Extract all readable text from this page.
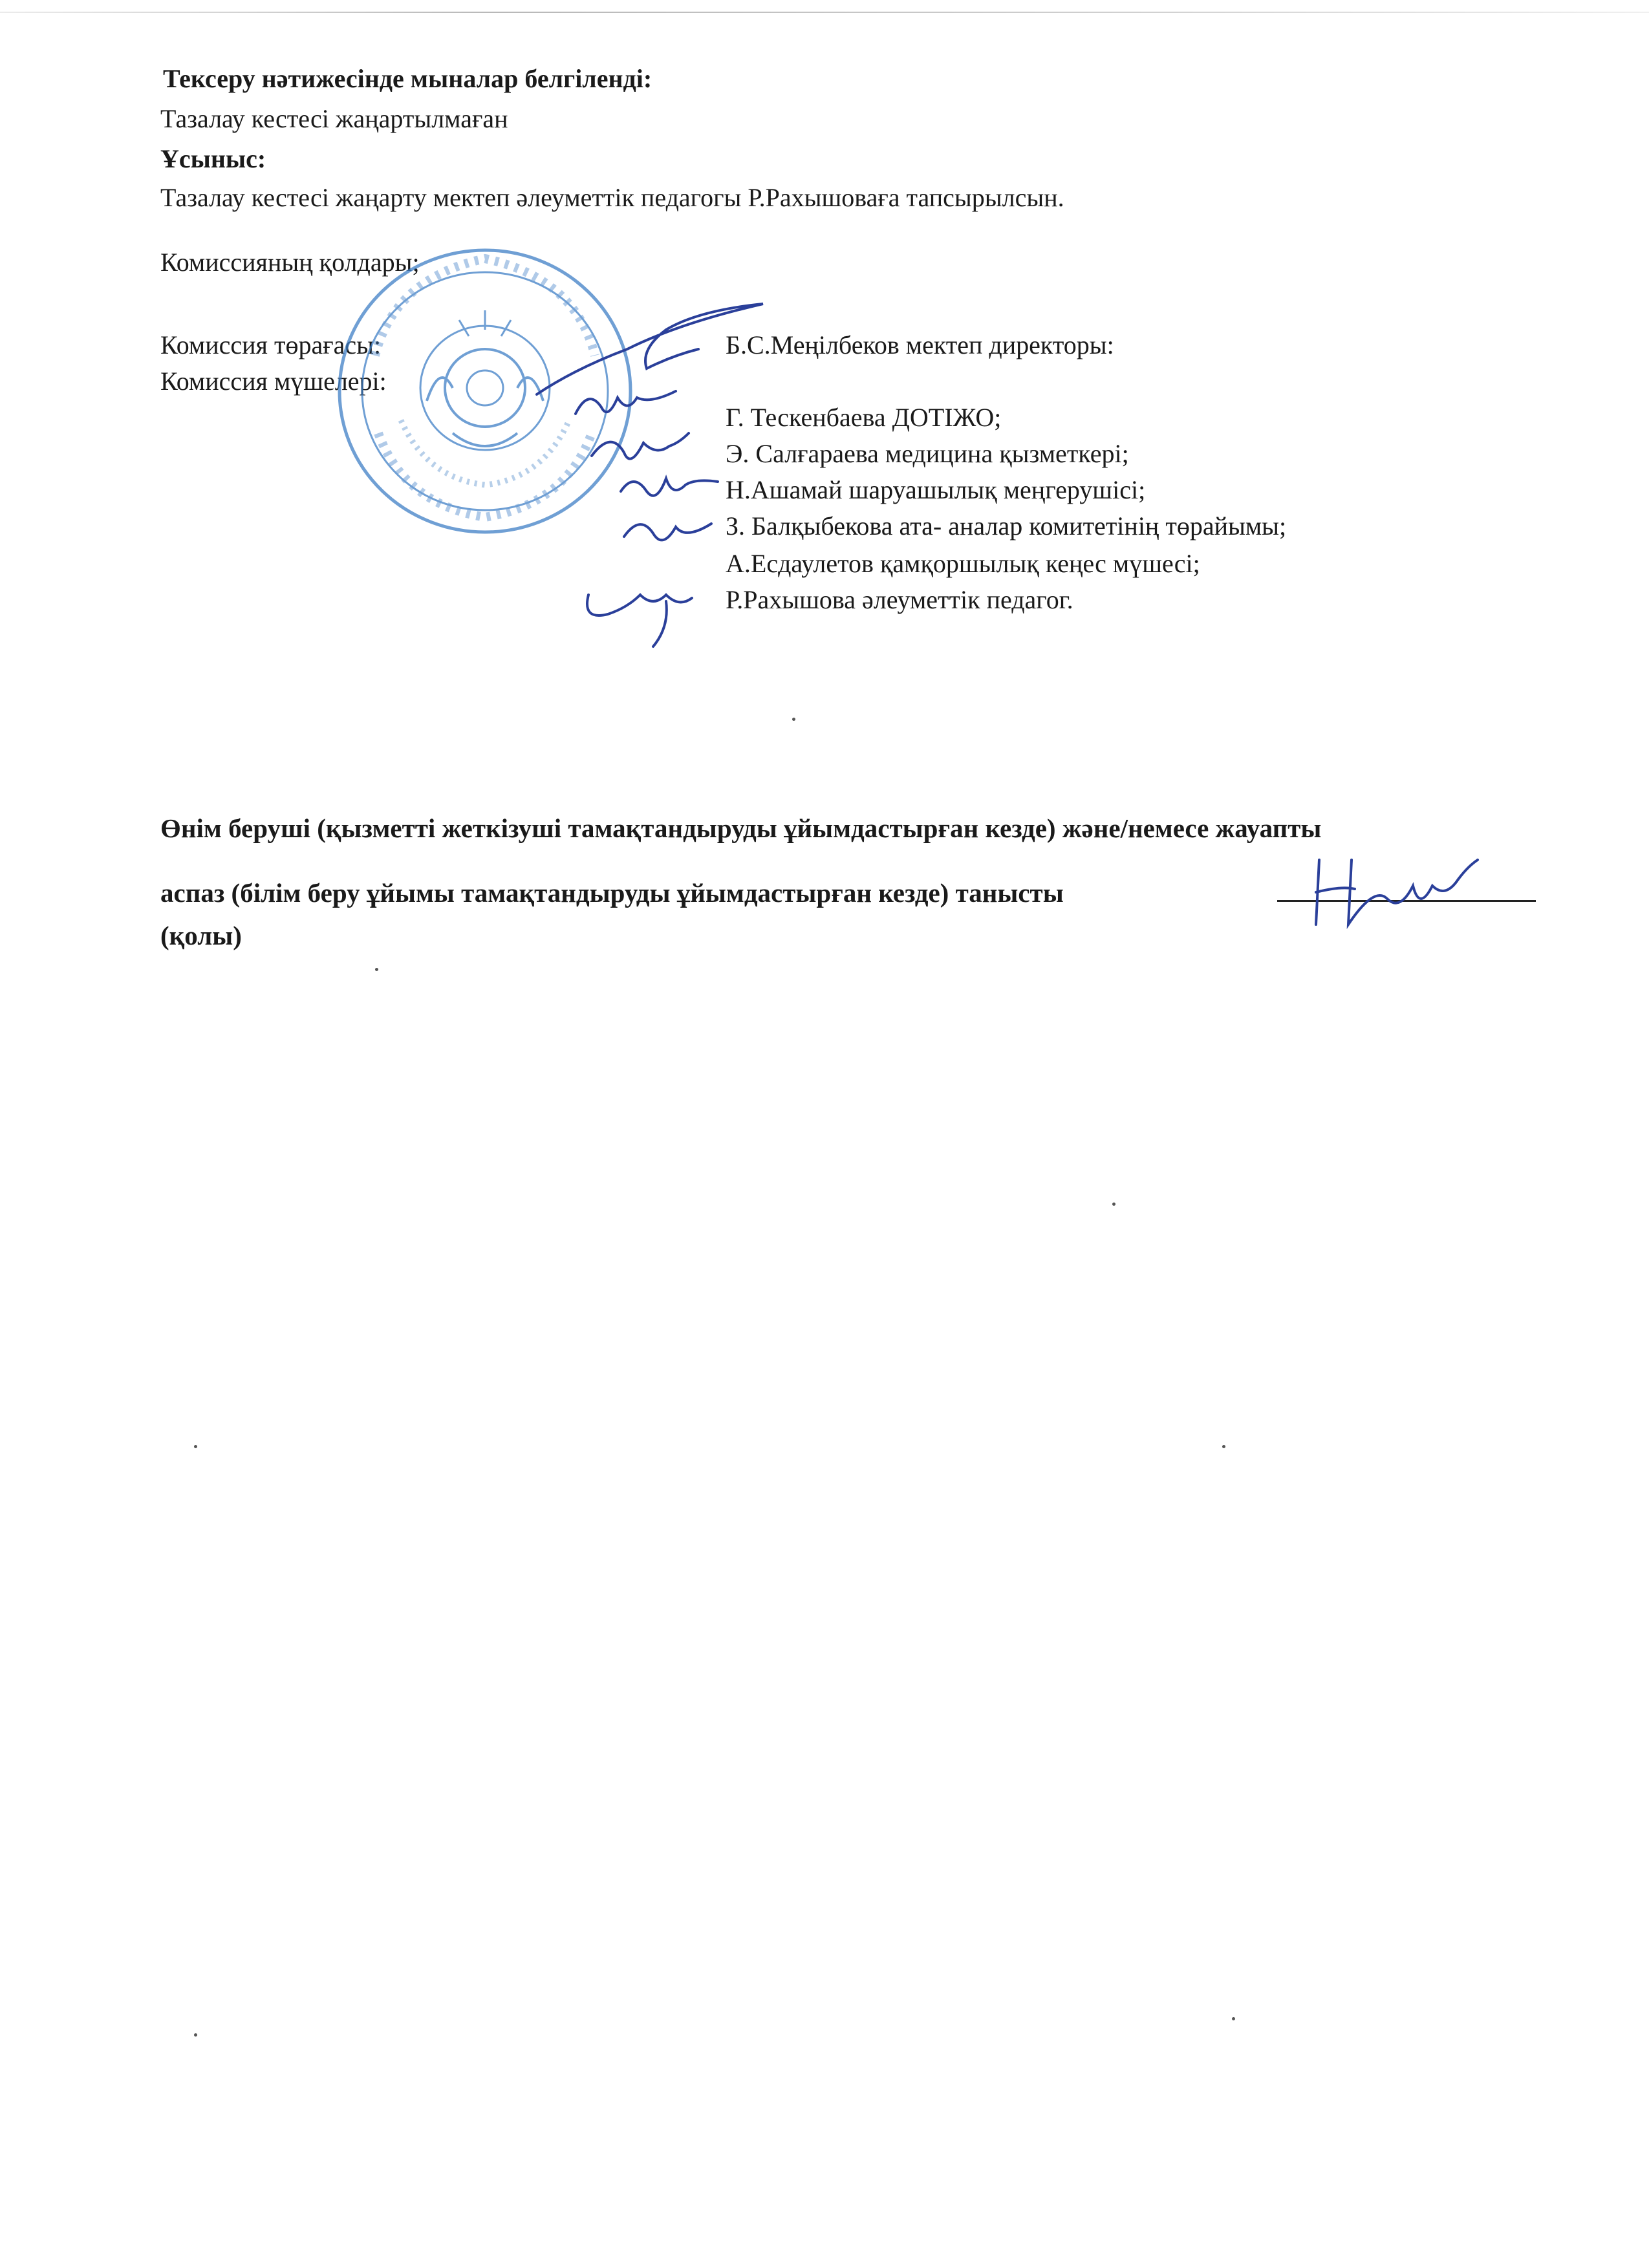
Тексеру нәтижесінде мыналар белгіленді:
Тазалау кестесі жаңартылмаған
Ұсыныс:
Тазалау кестесі жаңарту мектеп әлеуметтік педагогы Р.Рахышоваға тапсырылсын.
Комиссияның қолдары;
Комиссия төрағасы:	Б.С.Меңілбеков мектеп директоры:
Комиссия мүшелері:
Г. Тескенбаева ДОТІЖО;
Э. Салғараева медицина қызметкері;
Н.Ашамай шаруашылық меңгерушісі;
З. Балқыбекова ата- аналар комитетінің төрайымы;
А.Есдаулетов қамқоршылық кеңес мүшесі;
Р.Рахышова әлеуметтік педагог.
Өнім беруші (қызметті жеткізуші тамақтандыруды ұйымдастырған кезде) және/немесе жауапты
аспаз (білім беру ұйымы тамақтандыруды ұйымдастырған кезде) танысты
(қолы)
